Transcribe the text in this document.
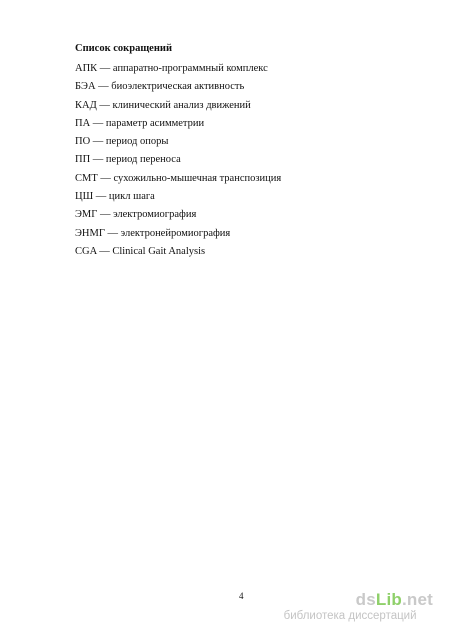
Список сокращений
АПК — аппаратно-программный комплекс
БЭА — биоэлектрическая активность
КАД — клинический анализ движений
ПА — параметр асимметрии
ПО — период опоры
ПП — период переноса
СМТ — сухожильно-мышечная транспозиция
ЦШ — цикл шага
ЭМГ — электромиография
ЭНМГ — электронейромиография
CGA — Clinical Gait Analysis
4	dsLib.net
библиотека диссертаций
